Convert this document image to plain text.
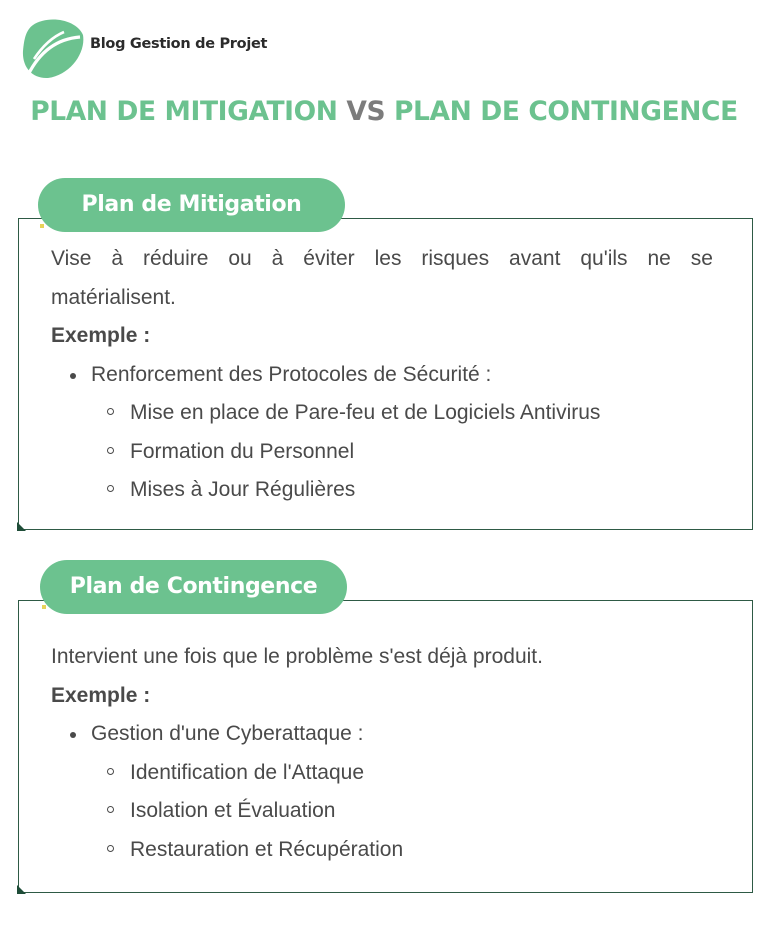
Blog Gestion de Projet
PLAN DE MITIGATION VS PLAN DE CONTINGENCE
Plan de Mitigation
Vise à réduire ou à éviter les risques avant qu'ils ne se matérialisent.
Exemple :
Renforcement des Protocoles de Sécurité :
Mise en place de Pare-feu et de Logiciels Antivirus
Formation du Personnel
Mises à Jour Régulières
Plan de Contingence
Intervient une fois que le problème s'est déjà produit.
Exemple :
Gestion d'une Cyberattaque :
Identification de l'Attaque
Isolation et Évaluation
Restauration et Récupération
